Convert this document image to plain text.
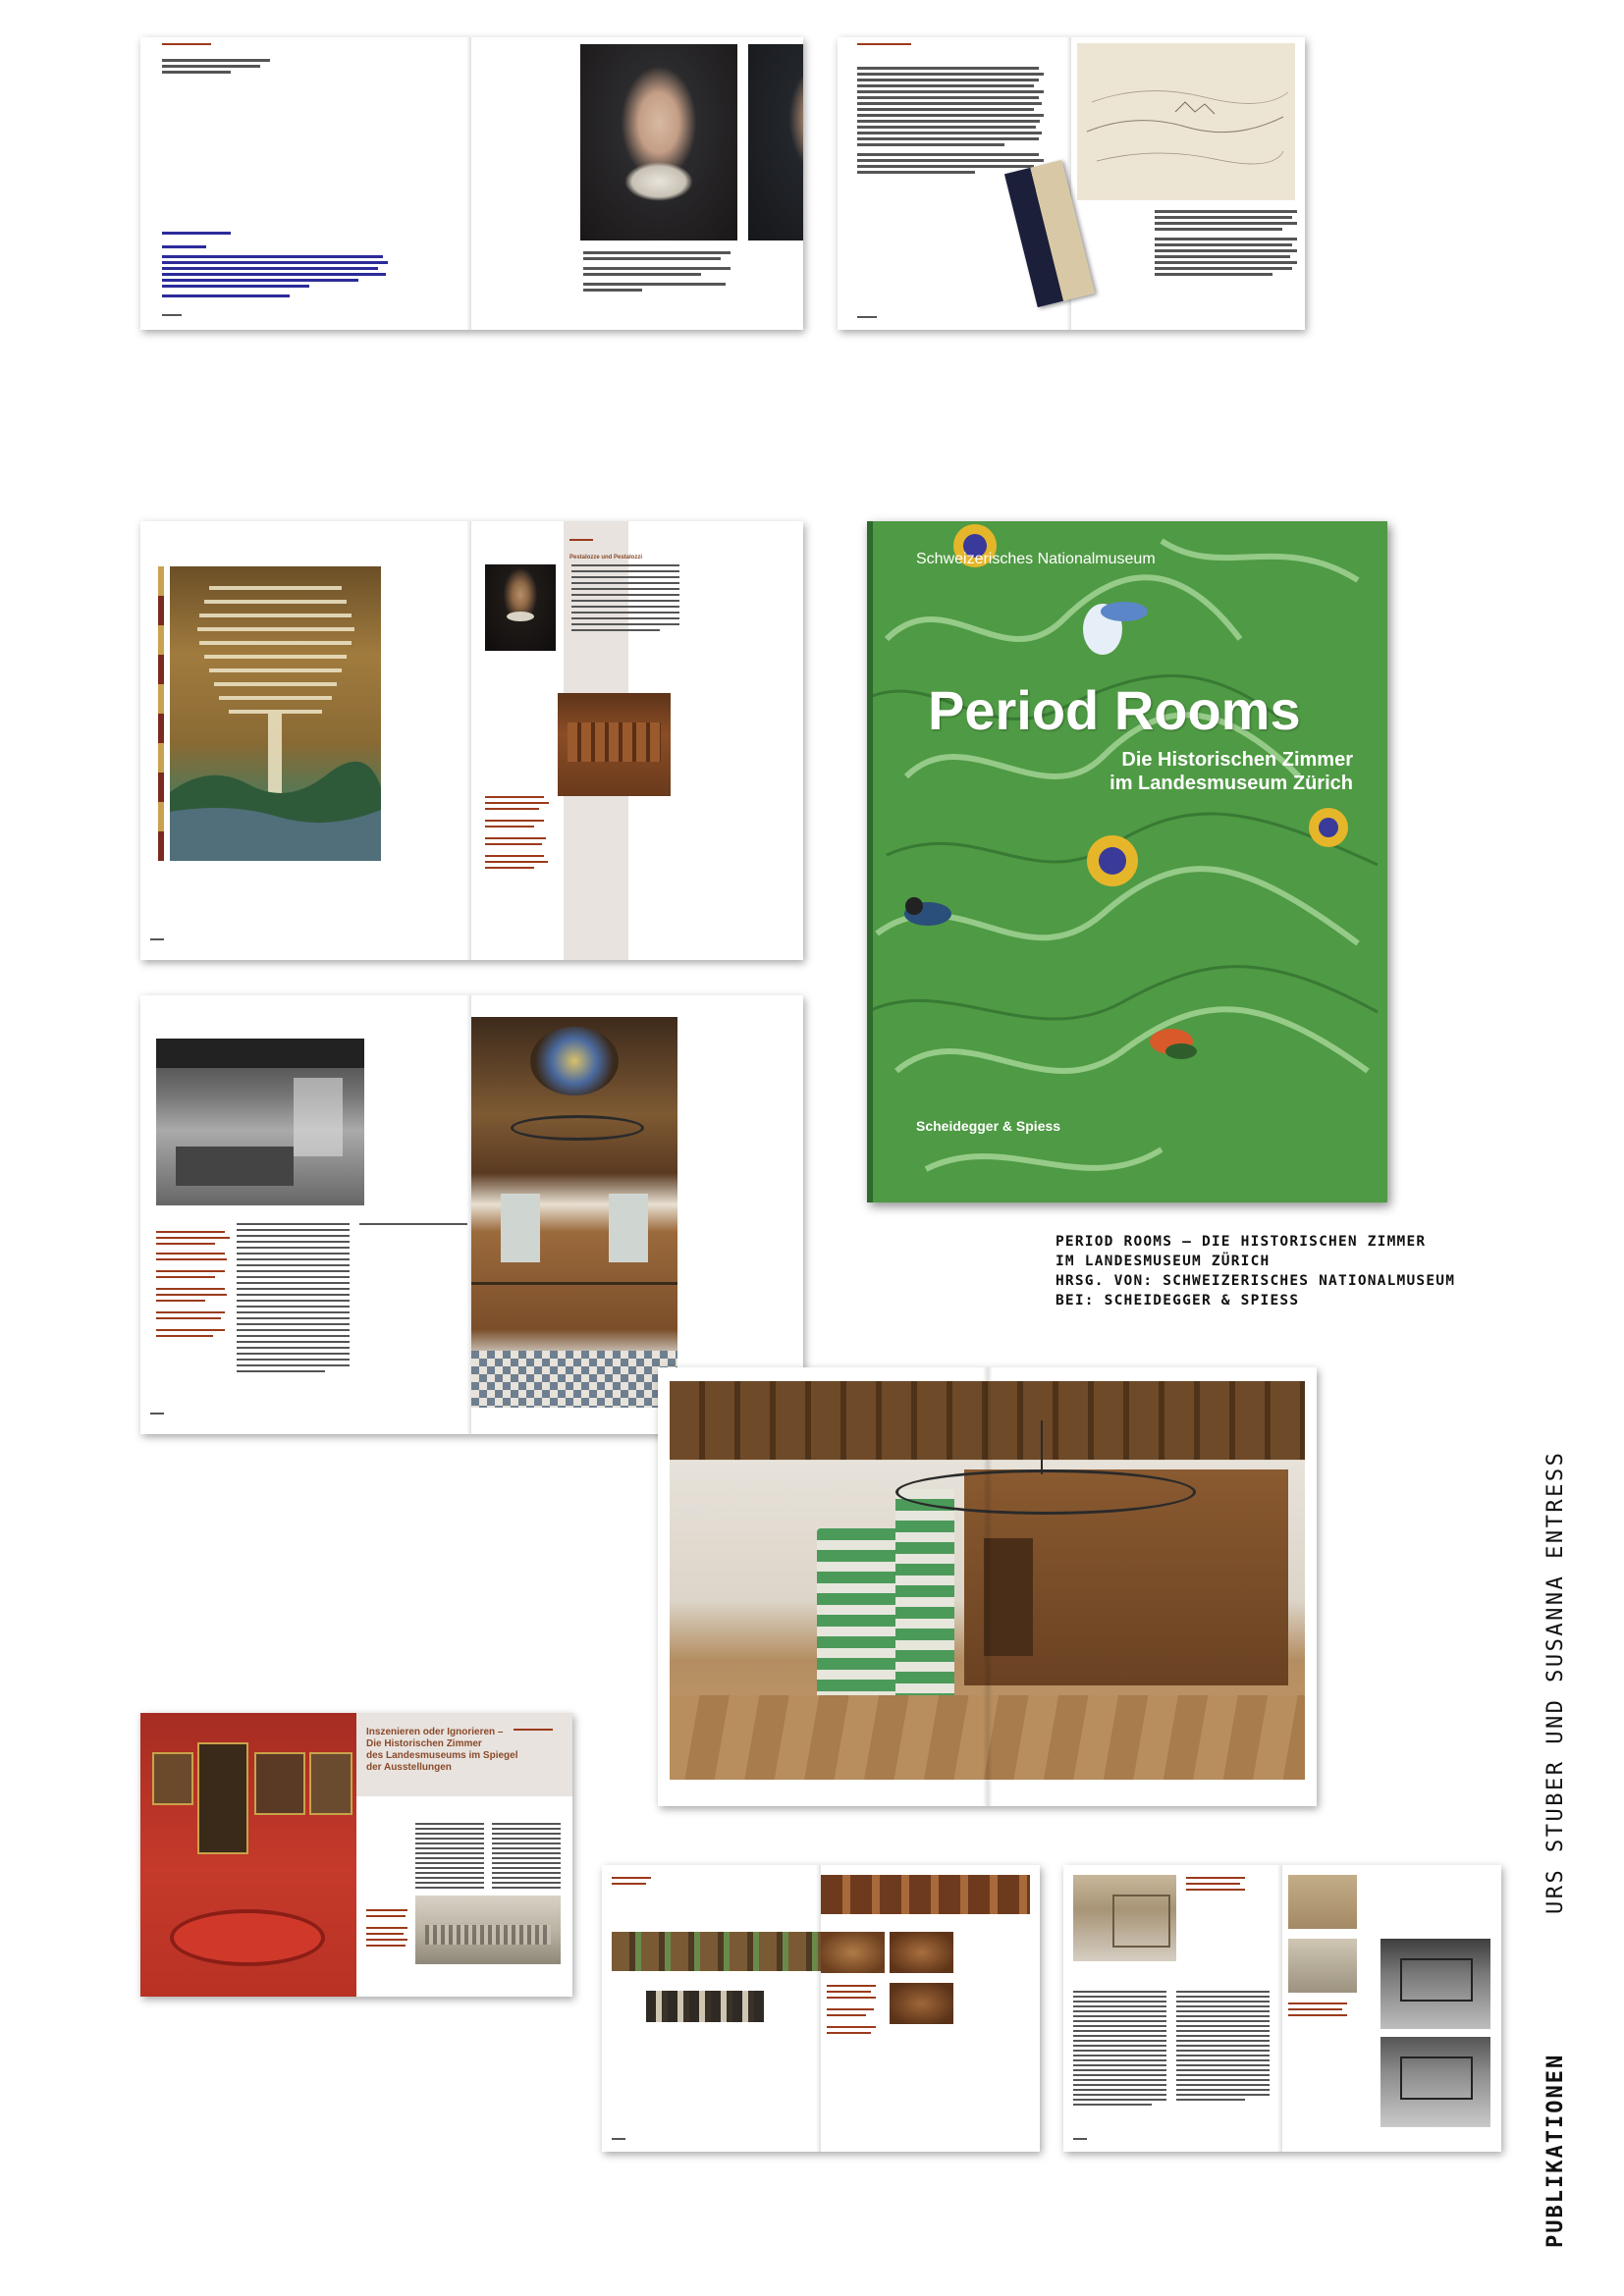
Pestalozze und Pestalozzi	Schweizerisches Nationalmuseum
Period Rooms
Die Historischen Zimmer
im Landesmuseum Zürich
Scheidegger & Spiess
PERIOD ROOMS – DIE HISTORISCHEN ZIMMER
IM LANDESMUSEUM ZÜRICH
HRSG. VON: SCHWEIZERISCHES NATIONALMUSEUM
BEI: SCHEIDEGGER & SPIESS
XXVII
Inszenieren oder Ignorieren –
Die Historischen Zimmer
des Landesmuseums im Spiegel
der Ausstellungen
PUBLIKATIONEN
URS STUBER UND SUSANNA ENTRESS
